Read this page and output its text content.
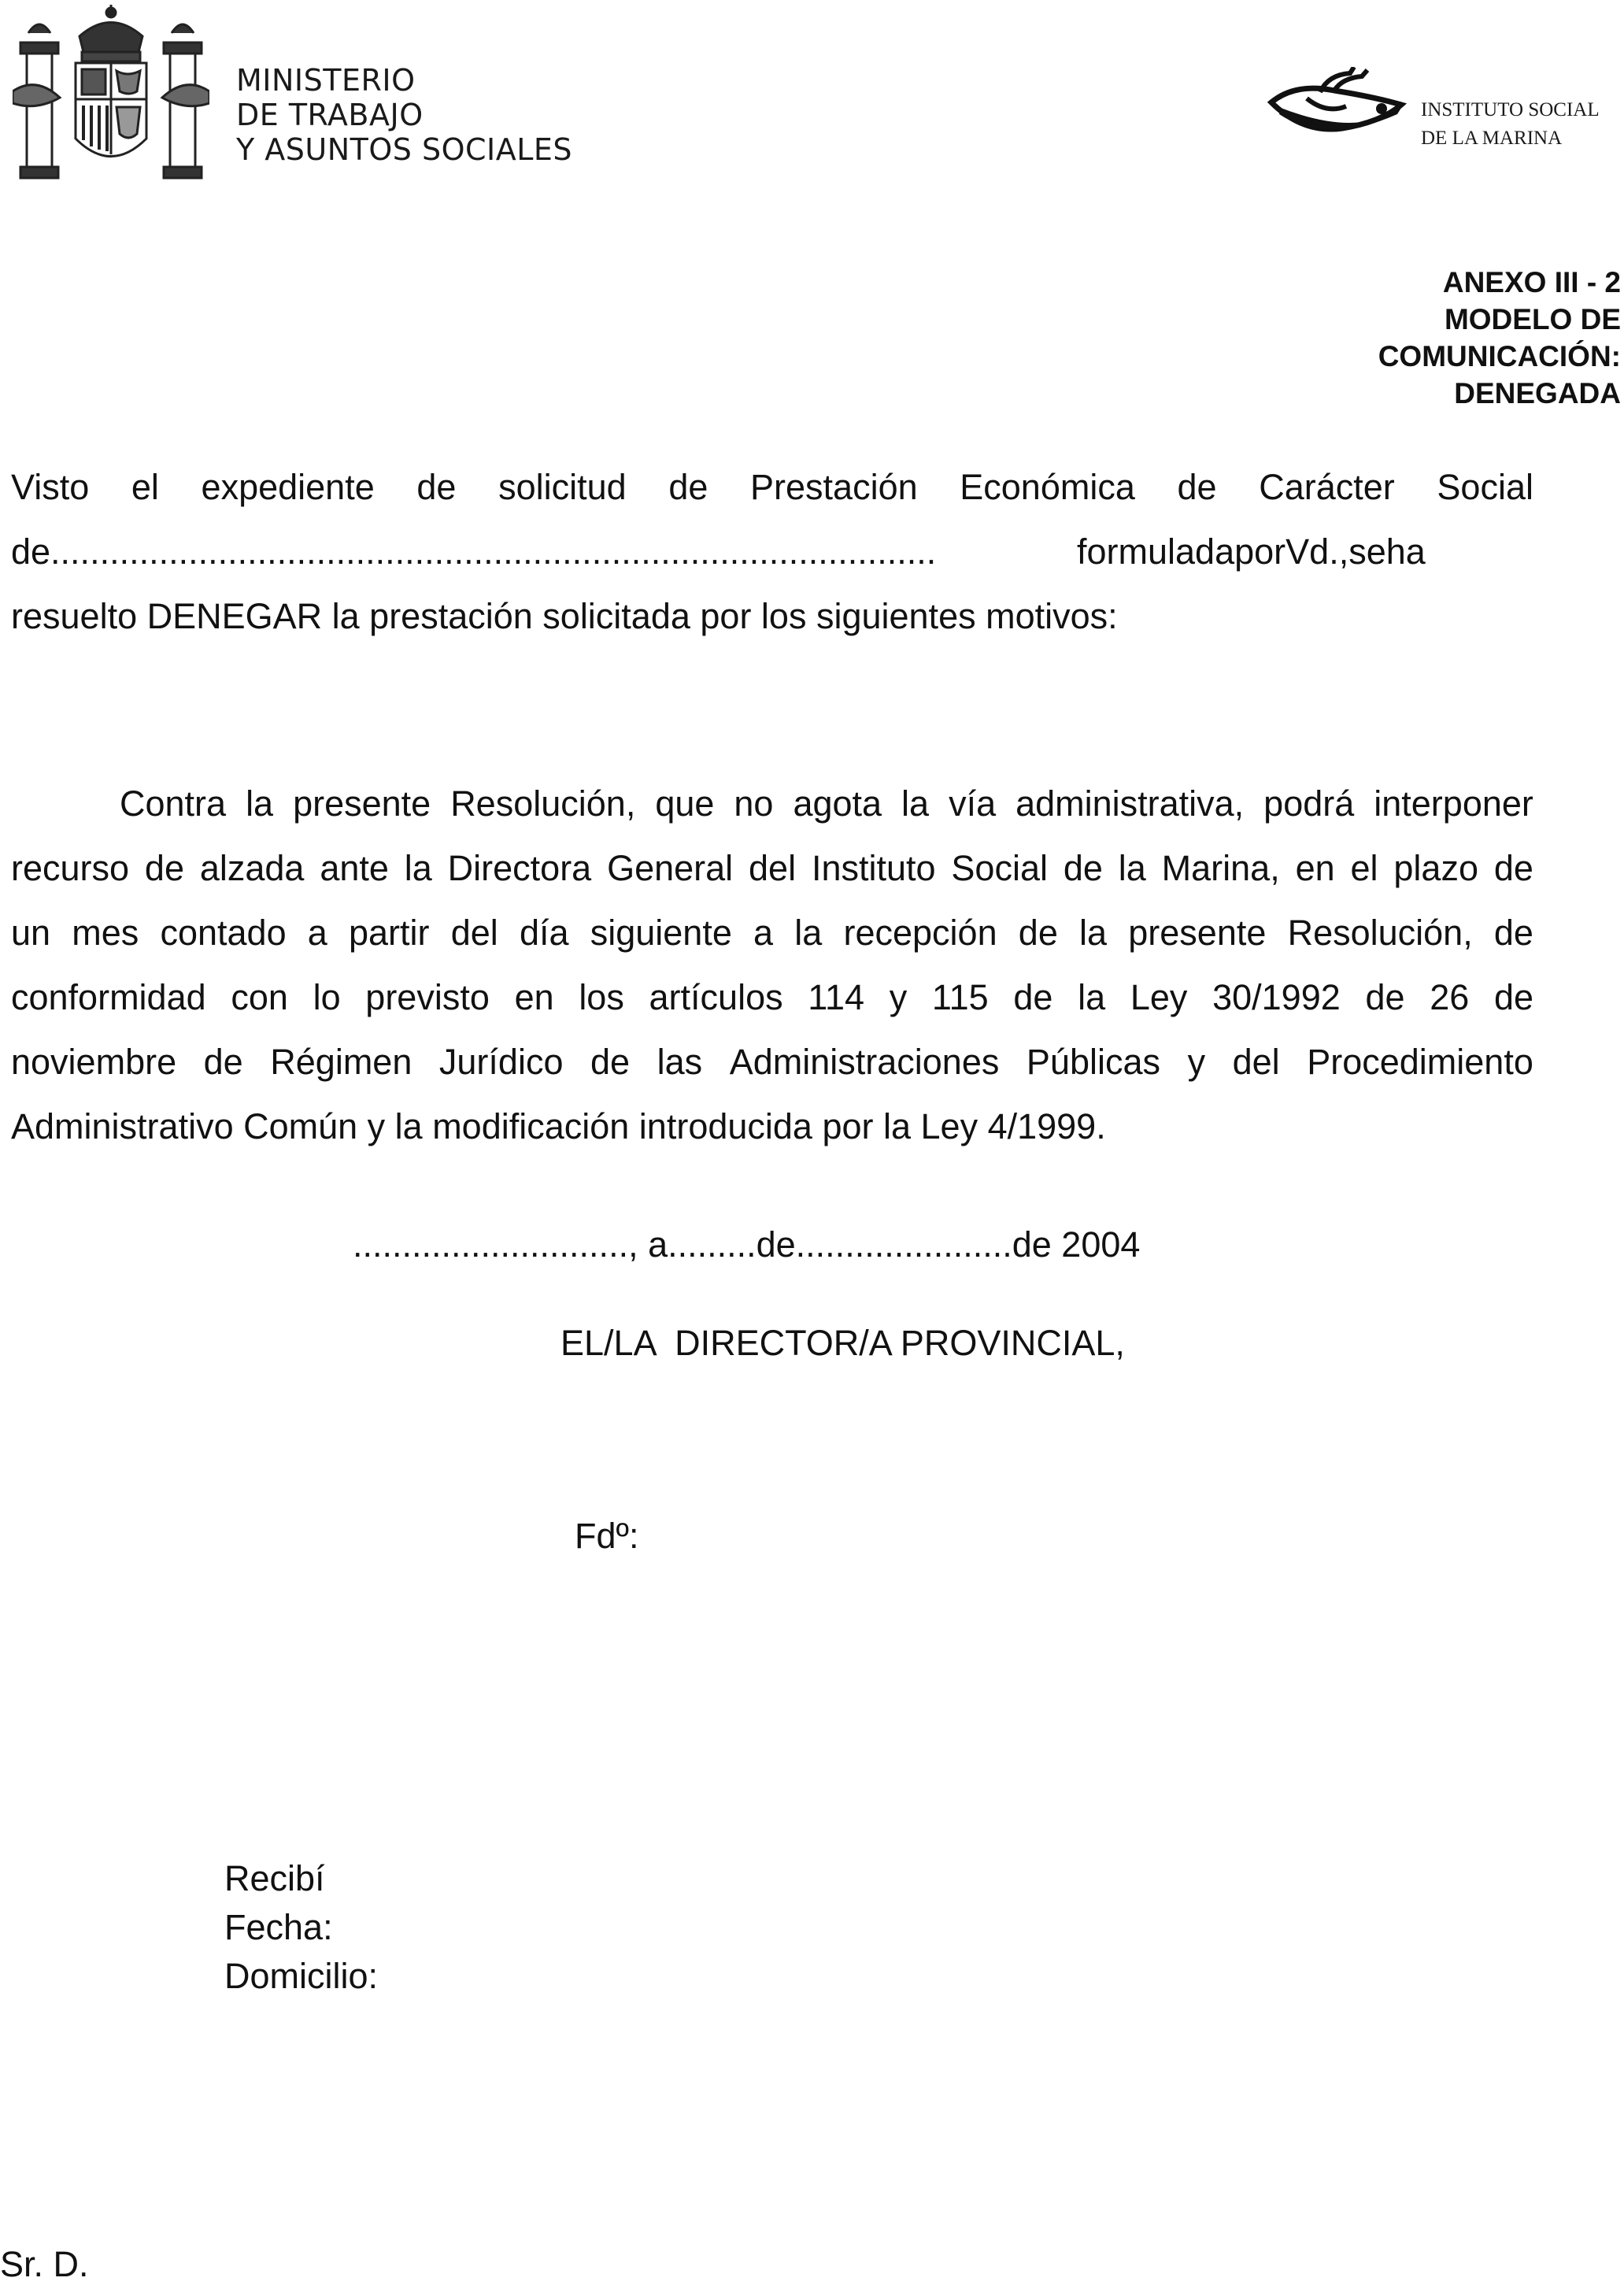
MINISTERIO
DE TRABAJO
Y ASUNTOS SOCIALES
INSTITUTO SOCIAL
DE LA MARINA
ANEXO III - 2
MODELO DE
COMUNICACIÓN:
DENEGADA
Visto el expediente de solicitud de Prestación Económica de Carácter Social
de..........................................................................................	formuladaporVd.,seha
resuelto DENEGAR la prestación solicitada por los siguientes motivos:
Contra la presente Resolución, que no agota la vía administrativa, podrá interponer
recurso de alzada ante la Directora General del Instituto Social de la Marina, en el plazo de
un mes contado a partir del día siguiente a la recepción de la presente Resolución, de
conformidad con lo previsto en los artículos 114 y 115 de la Ley 30/1992 de 26 de
noviembre de Régimen Jurídico de las Administraciones Públicas y del Procedimiento
Administrativo Común y la modificación introducida por la Ley 4/1999.
............................, a.........de......................de 2004
EL/LA  DIRECTOR/A PROVINCIAL,
Fdº:
Recibí
Fecha:
Domicilio:
Sr. D.
